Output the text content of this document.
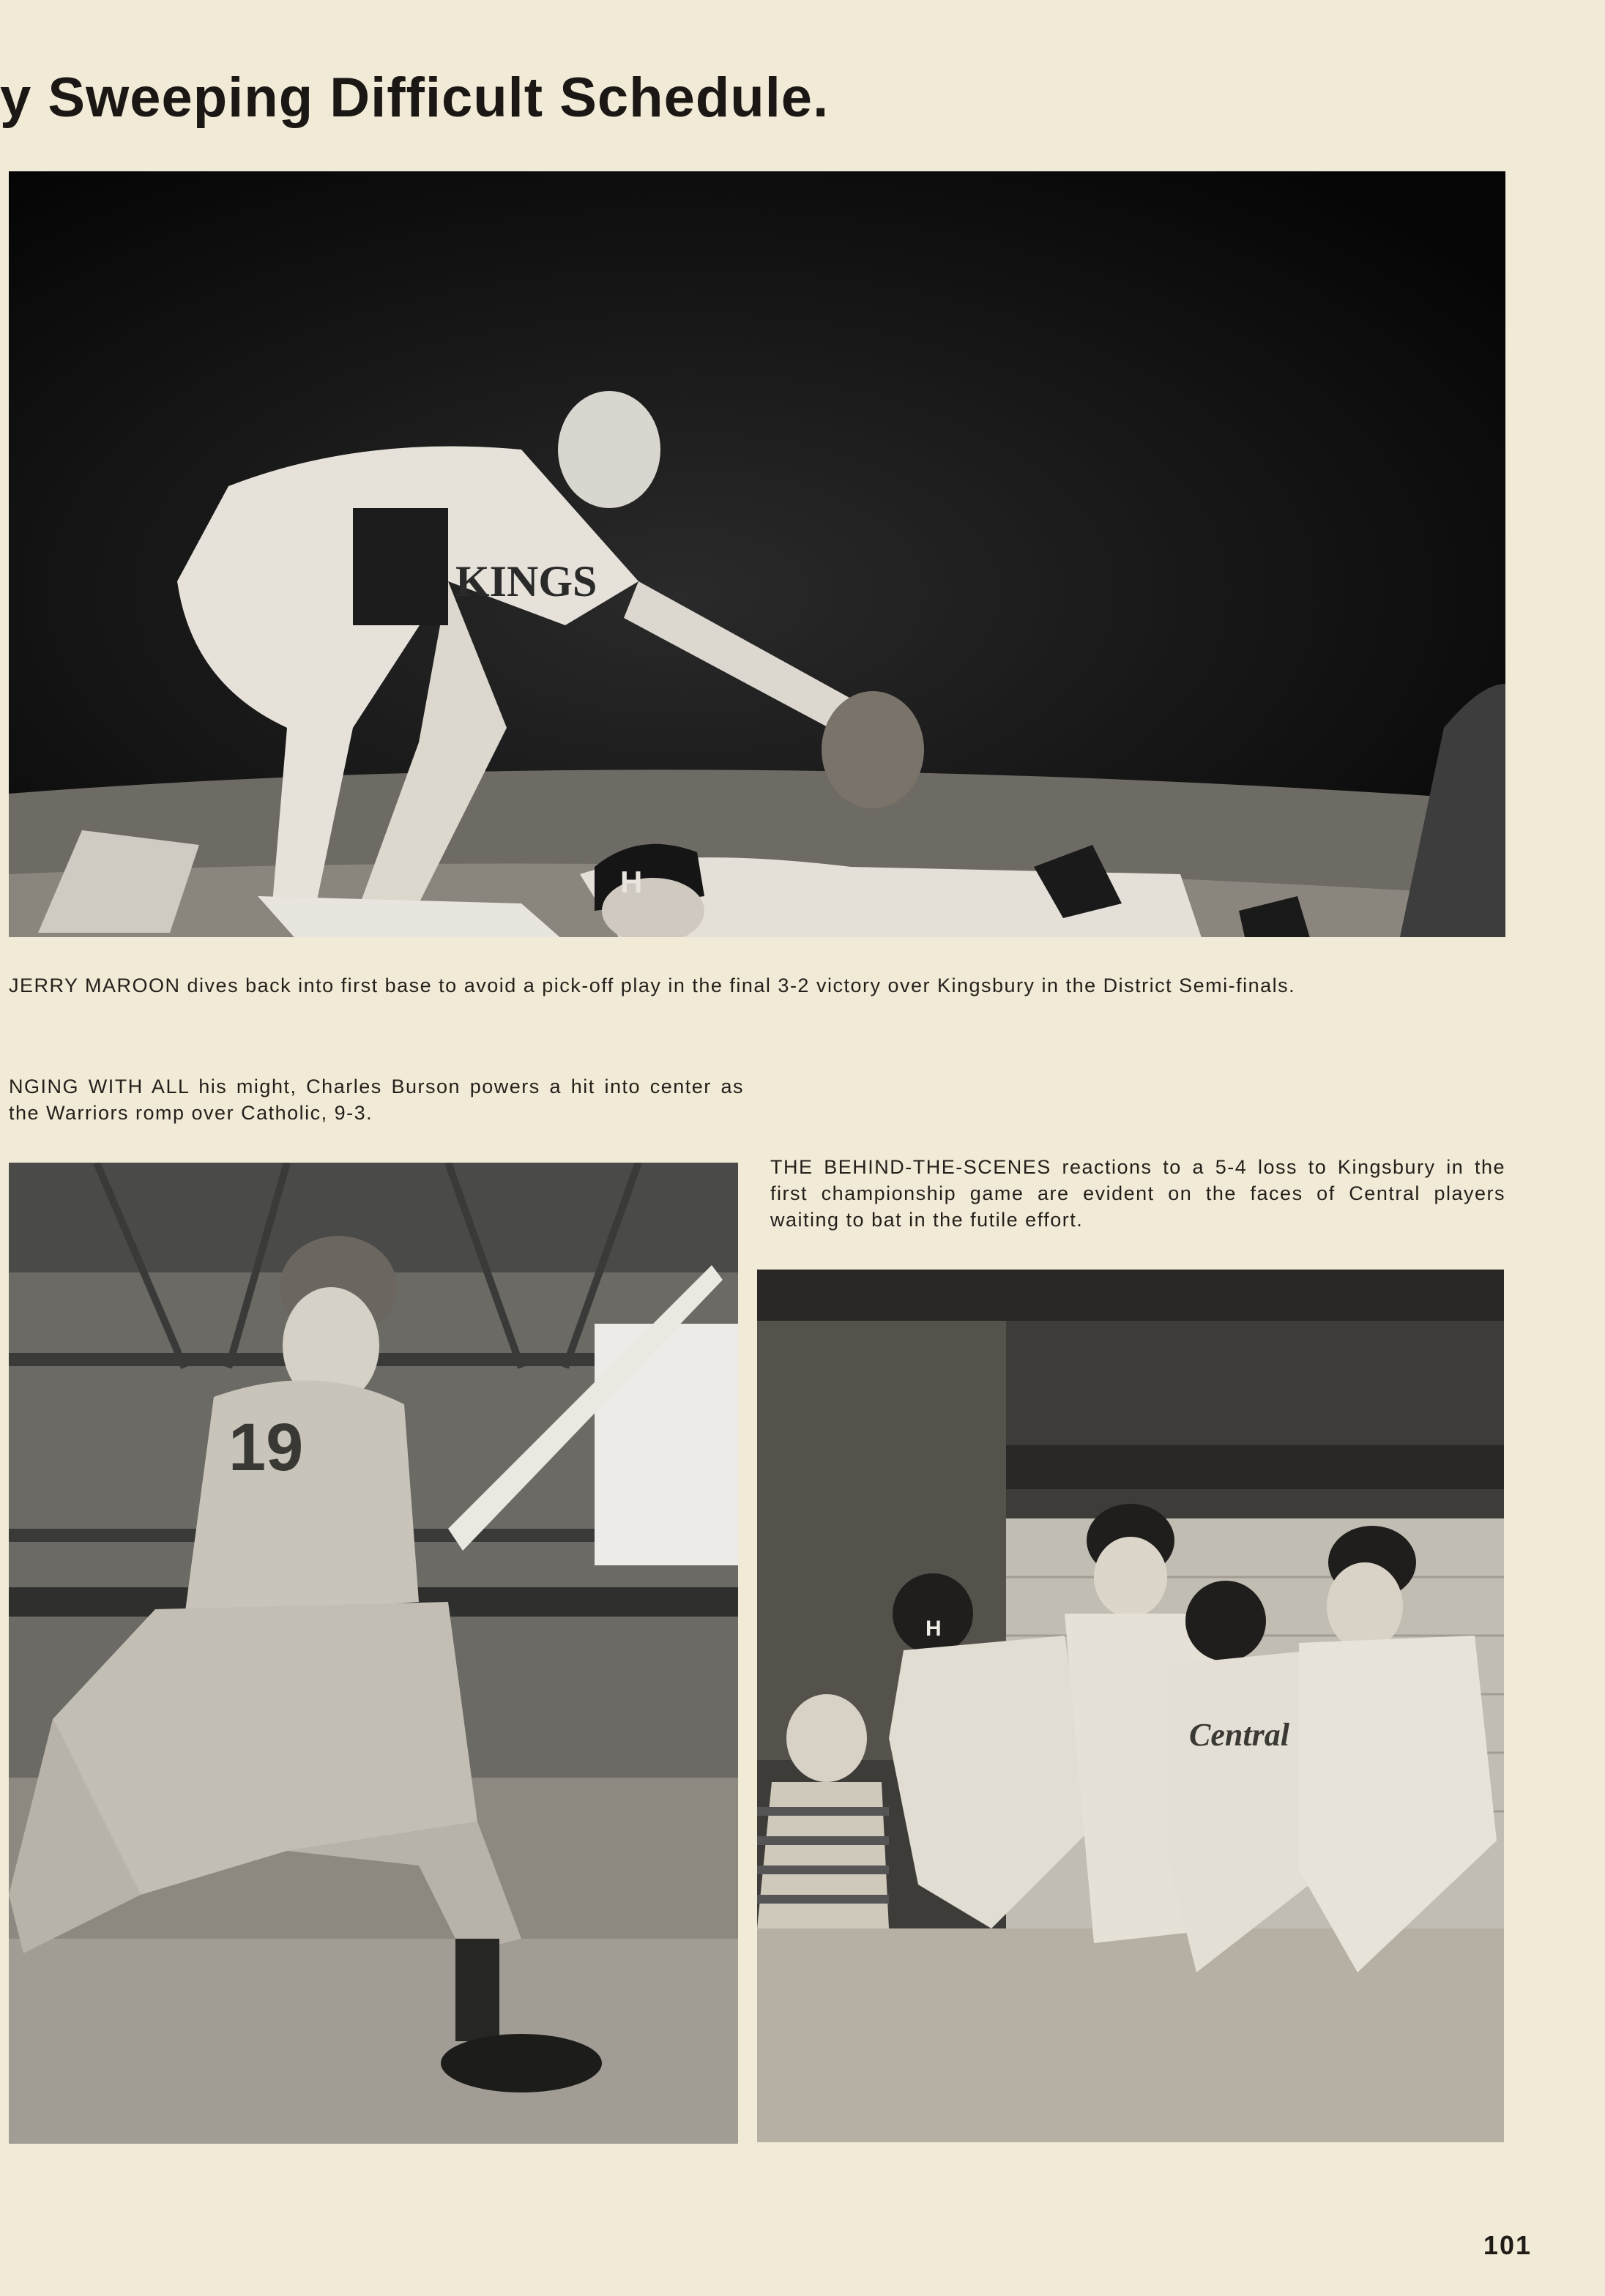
y Sweeping Difficult Schedule.
KINGS
H

JERRY MAROON dives back into first base to avoid a pick-off play in the final 3-2 victory over Kingsbury in the District Semi-finals.

NGING WITH ALL his might, Charles Burson powers a hit into center as the Warriors romp over Catholic, 9-3.

19

THE BEHIND-THE-SCENES reactions to a 5-4 loss to Kingsbury in the first championship game are evident on the faces of Central players waiting to bat in the futile effort.

H
Central
101
